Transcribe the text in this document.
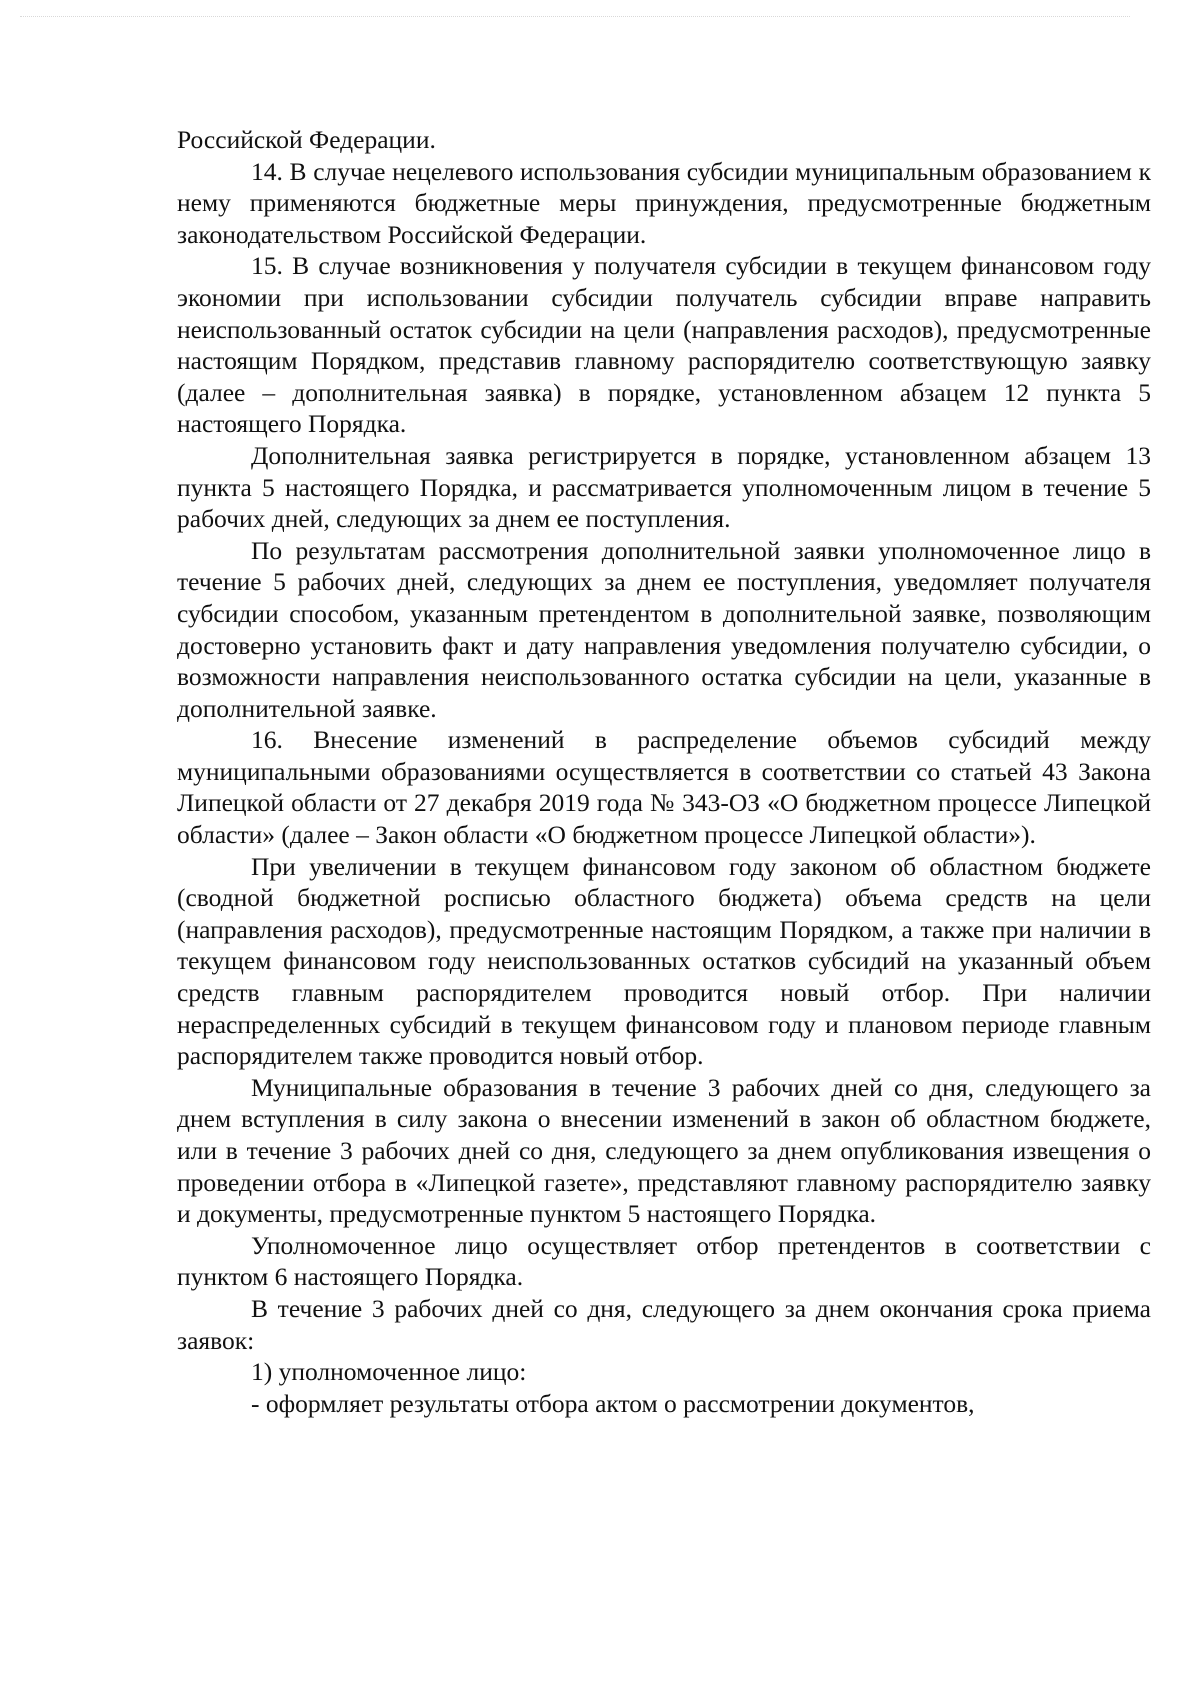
Российской Федерации.

14. В случае нецелевого использования субсидии муниципальным образованием к нему применяются бюджетные меры принуждения, предусмотренные бюджетным законодательством Российской Федерации.

15. В случае возникновения у получателя субсидии в текущем финансовом году экономии при использовании субсидии получатель субсидии вправе направить неиспользованный остаток субсидии на цели (направления расходов), предусмотренные настоящим Порядком, представив главному распорядителю соответствующую заявку (далее – дополнительная заявка) в порядке, установленном абзацем 12 пункта 5 настоящего Порядка.

Дополнительная заявка регистрируется в порядке, установленном абзацем 13 пункта 5 настоящего Порядка, и рассматривается уполномоченным лицом в течение 5 рабочих дней, следующих за днем ее поступления.

По результатам рассмотрения дополнительной заявки уполномоченное лицо в течение 5 рабочих дней, следующих за днем ее поступления, уведомляет получателя субсидии способом, указанным претендентом в дополнительной заявке, позволяющим достоверно установить факт и дату направления уведомления получателю субсидии, о возможности направления неиспользованного остатка субсидии на цели, указанные в дополнительной заявке.

16. Внесение изменений в распределение объемов субсидий между муниципальными образованиями осуществляется в соответствии со статьей 43 Закона Липецкой области от 27 декабря 2019 года № 343-ОЗ «О бюджетном процессе Липецкой области» (далее – Закон области «О бюджетном процессе Липецкой области»).

При увеличении в текущем финансовом году законом об областном бюджете (сводной бюджетной росписью областного бюджета) объема средств на цели (направления расходов), предусмотренные настоящим Порядком, а также при наличии в текущем финансовом году неиспользованных остатков субсидий на указанный объем средств главным распорядителем проводится новый отбор. При наличии нераспределенных субсидий в текущем финансовом году и плановом периоде главным распорядителем также проводится новый отбор.

Муниципальные образования в течение 3 рабочих дней со дня, следующего за днем вступления в силу закона о внесении изменений в закон об областном бюджете, или в течение 3 рабочих дней со дня, следующего за днем опубликования извещения о проведении отбора в «Липецкой газете», представляют главному распорядителю заявку и документы, предусмотренные пунктом 5 настоящего Порядка.

Уполномоченное лицо осуществляет отбор претендентов в соответствии с пунктом 6 настоящего Порядка.

В течение 3 рабочих дней со дня, следующего за днем окончания срока приема заявок:

1) уполномоченное лицо:

- оформляет результаты отбора актом о рассмотрении документов,
